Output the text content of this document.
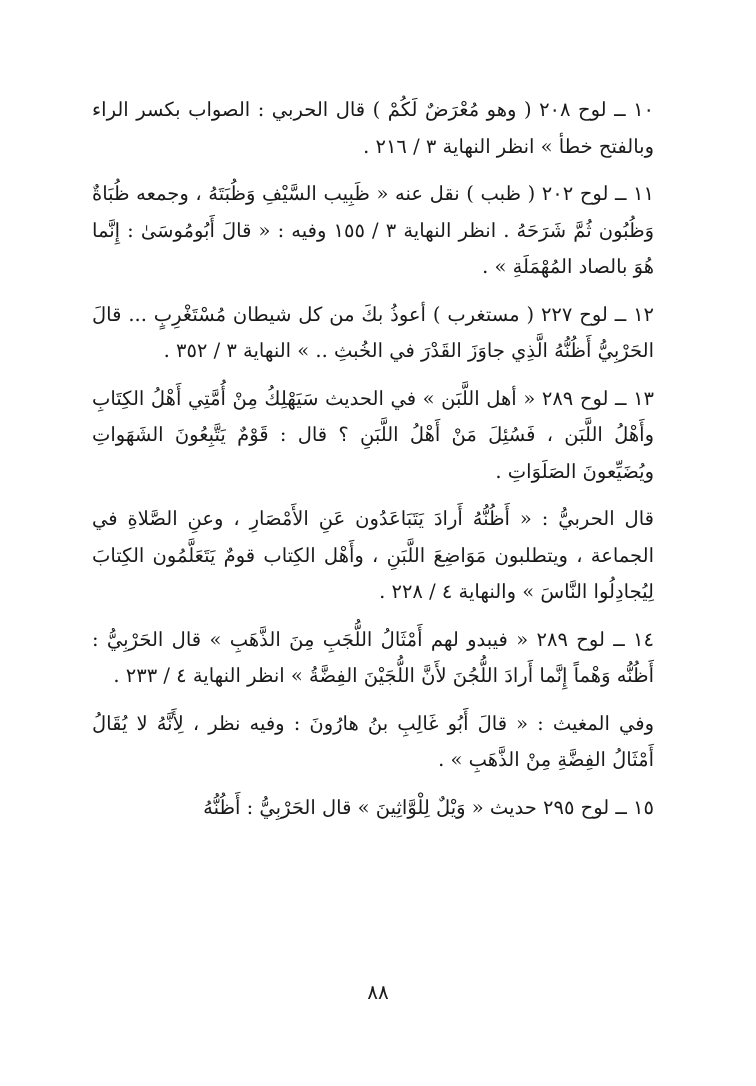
١٠ ــ لوح ٢٠٨ ( وهو مُعْرَضٌ لَكُمْ ) قال الحربي : الصواب بكسر الراء وبالفتح خطأ » انظر النهاية ٣ / ٢١٦ .

١١ ــ لوح ٢٠٢ ( ظبب ) نقل عنه « ظَبِيب السَّيْفِ وَظُبَتَهُ ، وجمعه ظُبَاةٌ وَظُبُون ثُمَّ شَرَحَهُ . انظر النهاية ٣ / ١٥٥ وفيه : « قالَ أَبُومُوسَىٰ : إِنَّما هُوَ بالصاد المُهْمَلَةِ » .

١٢ ــ لوح ٢٢٧ ( مستغرب ) أعوذُ بكَ من كل شيطان مُسْتَغْرِبٍ ... قالَ الحَرْبِيُّ أَظُنُّهُ الَّذِي جاوَزَ القَدْرَ في الخُبثِ .. » النهاية ٣ / ٣٥٢ .

١٣ ــ لوح ٢٨٩ « أهل اللَّبَن » في الحديث سَيَهْلِكُ مِنْ أُمَّتِي أَهْلُ الكِتَابِ وأَهْلُ اللَّبَن ، فَسُئِلَ مَنْ أَهْلُ اللَّبَنِ ؟ قال : قَوْمٌ يَتَّبِعُونَ الشَهَواتِ ويُضَيِّعونَ الصَلَوَاتِ .

قال الحربيُّ : « أَظُنُّهُ أَرادَ يَتَبَاعَدُون عَنِ الأَمْصَارِ ، وعنِ الصَّلاةِ في الجماعة ، ويتطلبون مَوَاضِعَ اللَّبَنِ ، وأَهْل الكِتاب قومٌ يَتَعَلَّمُون الكِتابَ لِيُجادِلُوا النَّاسَ » والنهاية ٤ / ٢٢٨ .

١٤ ــ لوح ٢٨٩ « فيبدو لهم أَمْثَالُ اللُّجَبِ مِنَ الذَّهَبِ » قال الحَرْبِيُّ : أَظُنُّه وَهْماً إِنَّما أَرادَ اللُّجُنَ لأَنَّ اللُّجَيْنَ الفِضَّةُ » انظر النهاية ٤ / ٢٣٣ .

وفي المغيث : « قالَ أَبُو غَالِبِ بنُ هارُونَ : وفيه نظر ، لِأَنَّهُ لا يُقَالُ أَمْثَالُ الفِضَّةِ مِنْ الذَّهَبِ » .

١٥ ــ لوح ٢٩٥ حديث « وَيْلٌ لِلْوَّاثِينَ » قال الحَرْبِيُّ : أَظُنُّهُ

٨٨
